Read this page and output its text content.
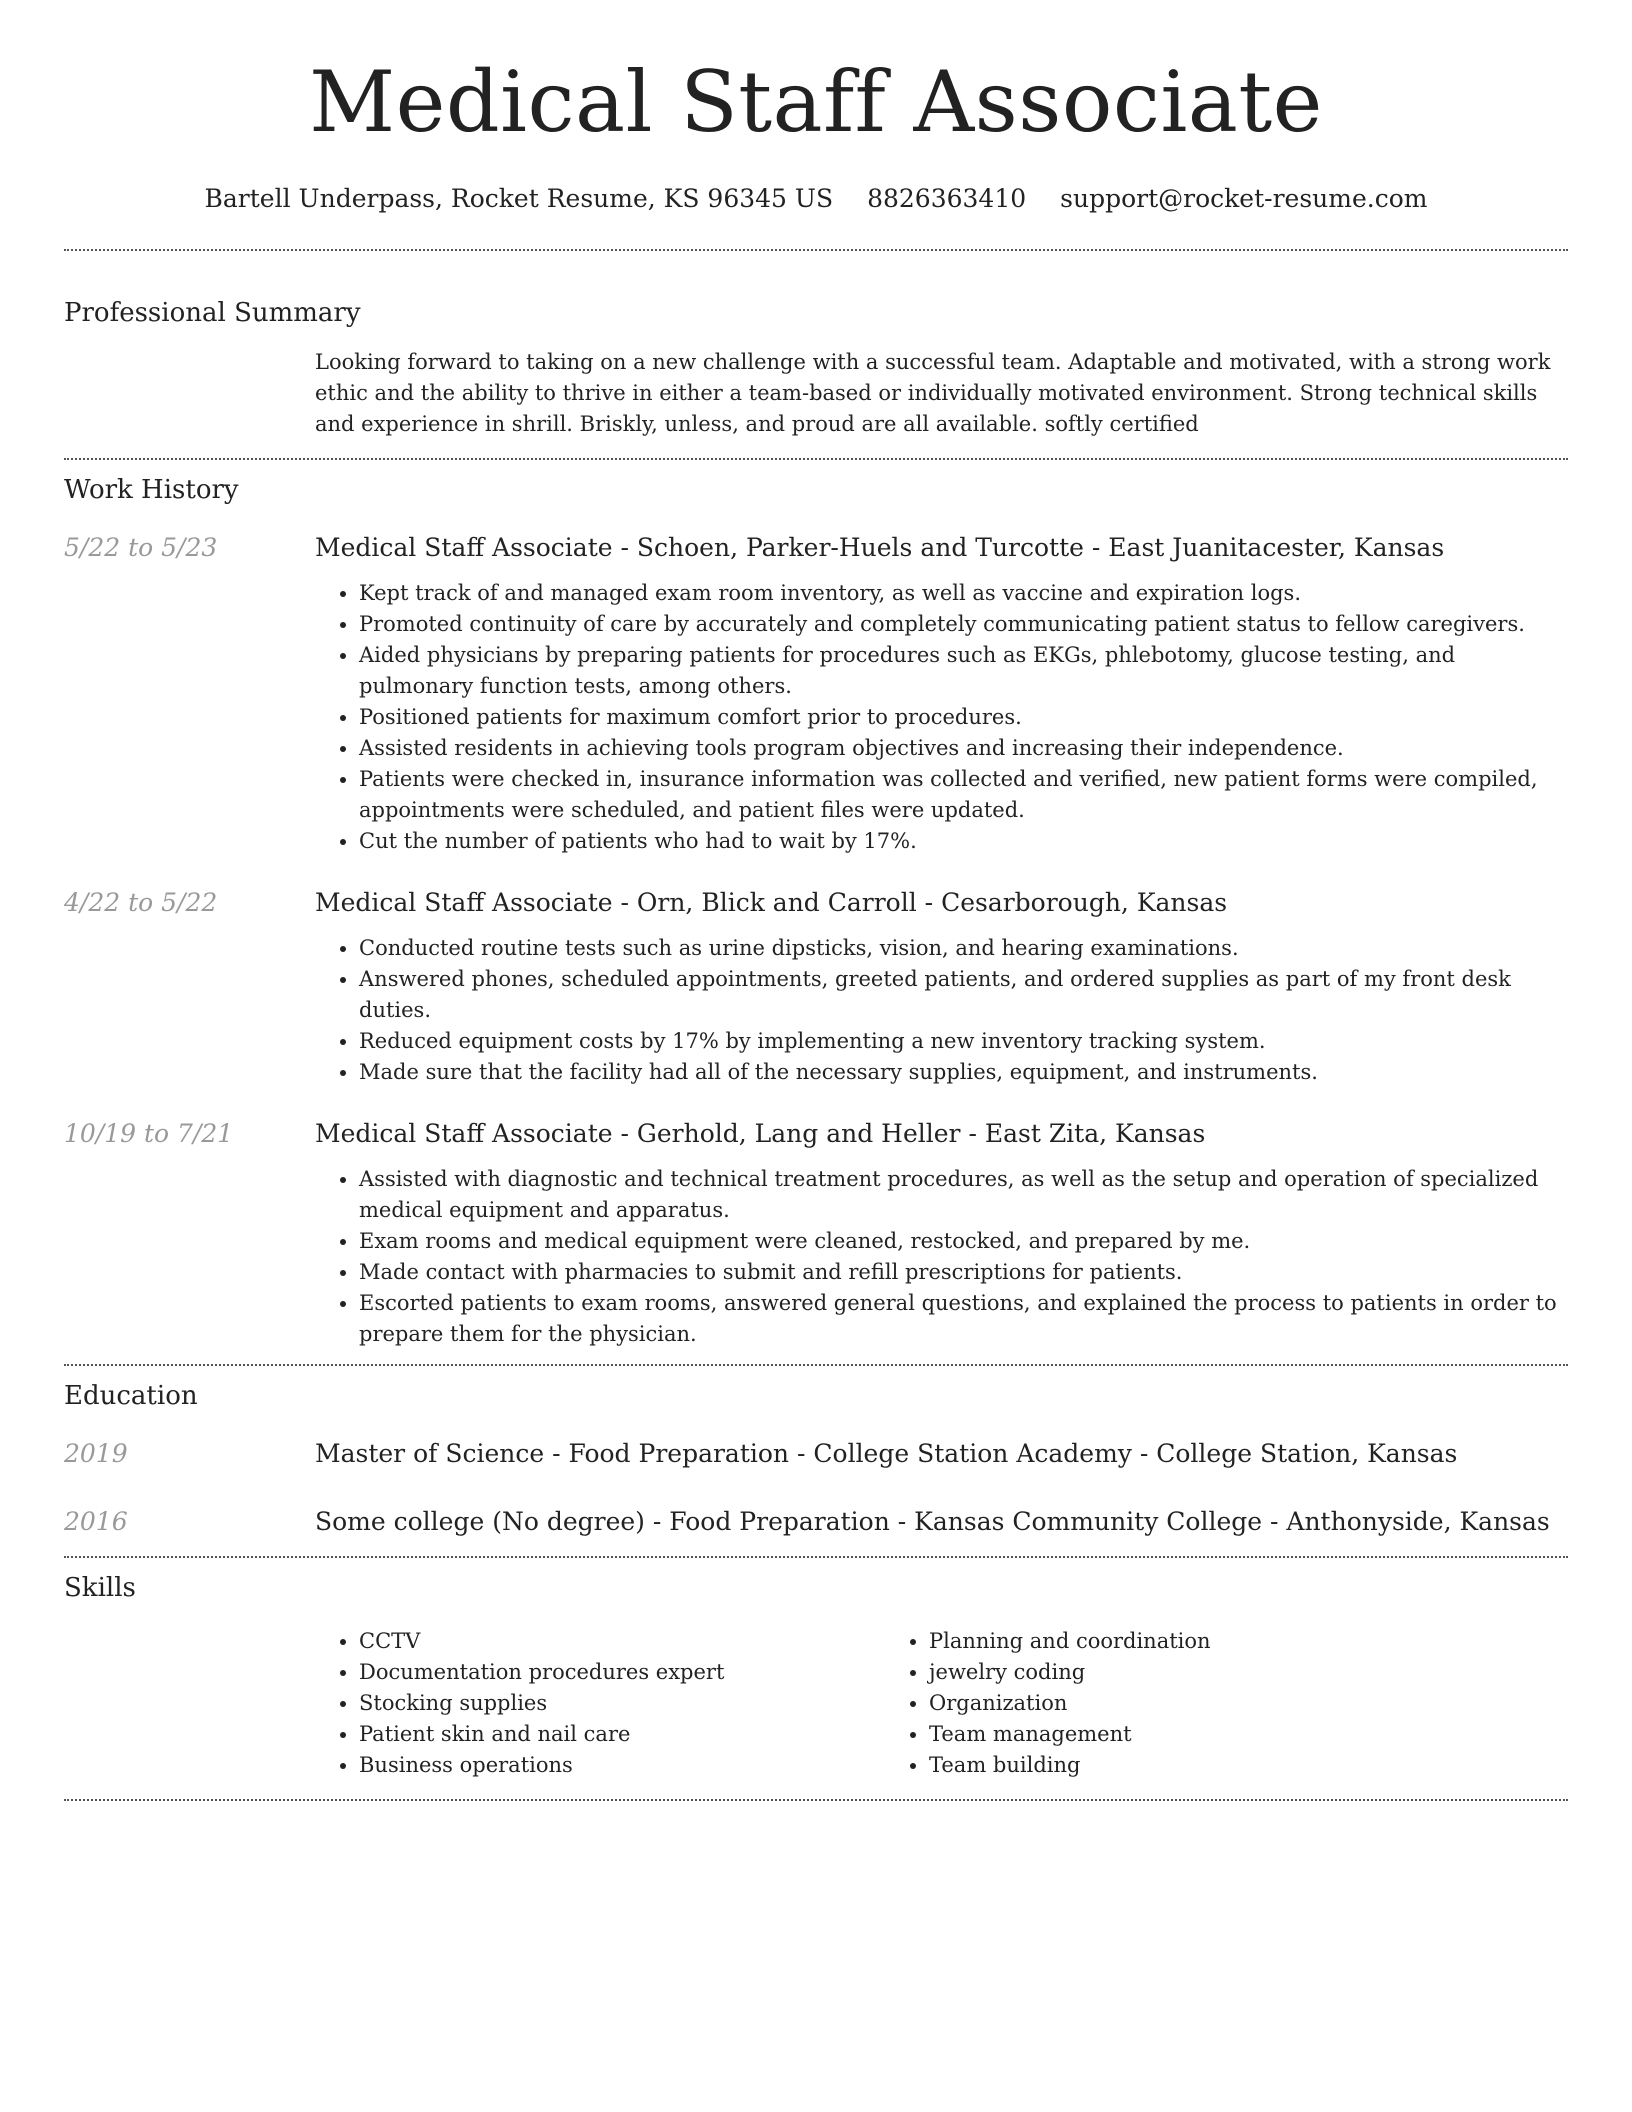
Medical Staff Associate
Bartell Underpass, Rocket Resume, KS 96345 US 8826363410 support@rocket-resume.com
Professional Summary

Looking forward to taking on a new challenge with a successful team. Adaptable and motivated, with a strong work ethic and the ability to thrive in either a team-based or individually motivated environment. Strong technical skills and experience in shrill. Briskly, unless, and proud are all available. softly certified

Work History
5/22 to 5/23	Medical Staff Associate - Schoen, Parker-Huels and Turcotte - East Juanitacester, Kansas
• Kept track of and managed exam room inventory, as well as vaccine and expiration logs.
• Promoted continuity of care by accurately and completely communicating patient status to fellow caregivers.
• Aided physicians by preparing patients for procedures such as EKGs, phlebotomy, glucose testing, and pulmonary function tests, among others.
• Positioned patients for maximum comfort prior to procedures.
• Assisted residents in achieving tools program objectives and increasing their independence.
• Patients were checked in, insurance information was collected and verified, new patient forms were compiled, appointments were scheduled, and patient files were updated.
• Cut the number of patients who had to wait by 17%.
4/22 to 5/22	Medical Staff Associate - Orn, Blick and Carroll - Cesarborough, Kansas
• Conducted routine tests such as urine dipsticks, vision, and hearing examinations.
• Answered phones, scheduled appointments, greeted patients, and ordered supplies as part of my front desk duties.
• Reduced equipment costs by 17% by implementing a new inventory tracking system.
• Made sure that the facility had all of the necessary supplies, equipment, and instruments.
10/19 to 7/21	Medical Staff Associate - Gerhold, Lang and Heller - East Zita, Kansas
• Assisted with diagnostic and technical treatment procedures, as well as the setup and operation of specialized medical equipment and apparatus.
• Exam rooms and medical equipment were cleaned, restocked, and prepared by me.
• Made contact with pharmacies to submit and refill prescriptions for patients.
• Escorted patients to exam rooms, answered general questions, and explained the process to patients in order to prepare them for the physician.
Education
2019	Master of Science - Food Preparation - College Station Academy - College Station, Kansas
2016	Some college (No degree) - Food Preparation - Kansas Community College - Anthonyside, Kansas
Skills
• CCTV
• Documentation procedures expert
• Stocking supplies
• Patient skin and nail care
• Business operations
• Planning and coordination
• jewelry coding
• Organization
• Team management
• Team building
